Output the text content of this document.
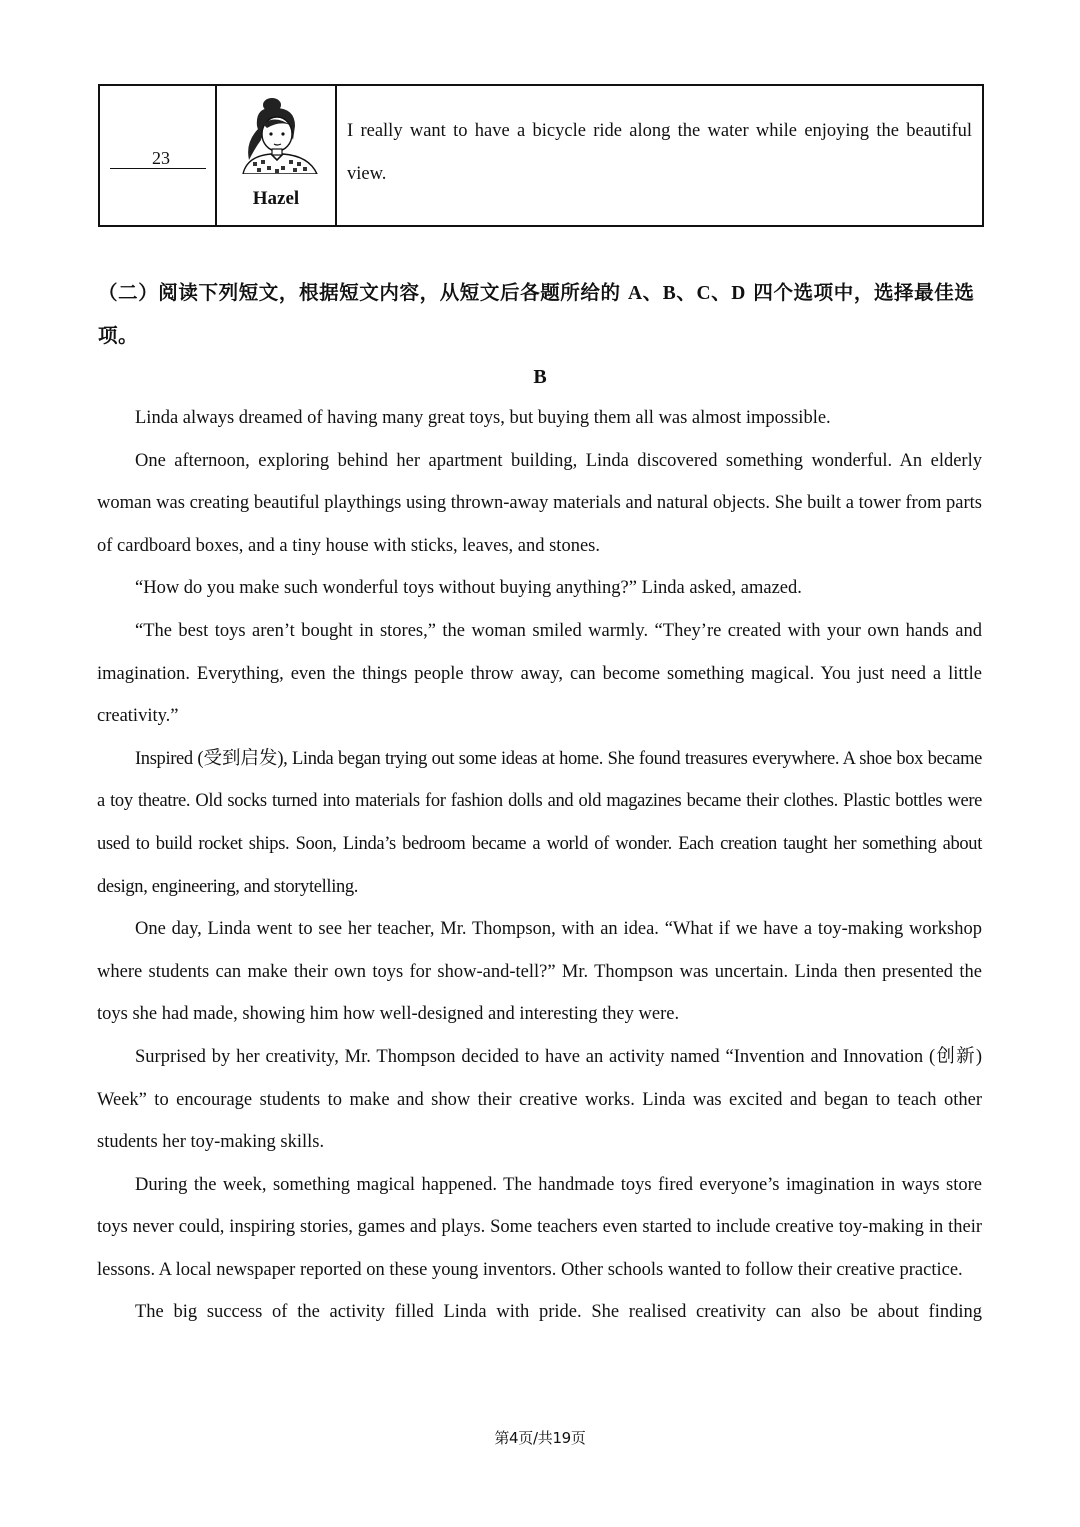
23
Hazel
I really want to have a bicycle ride along the water while enjoying the beautiful view.
（二）阅读下列短文，根据短文内容，从短文后各题所给的 A、B、C、D 四个选项中，选择最佳选项。
B

Linda always dreamed of having many great toys, but buying them all was almost impossible.

One afternoon, exploring behind her apartment building, Linda discovered something wonderful. An elderly woman was creating beautiful playthings using thrown-away materials and natural objects. She built a tower from parts of cardboard boxes, and a tiny house with sticks, leaves, and stones.

“How do you make such wonderful toys without buying anything?” Linda asked, amazed.

“The best toys aren’t bought in stores,” the woman smiled warmly. “They’re created with your own hands and imagination. Everything, even the things people throw away, can become something magical. You just need a little creativity.”

Inspired (受到启发), Linda began trying out some ideas at home. She found treasures everywhere. A shoe box became a toy theatre. Old socks turned into materials for fashion dolls and old magazines became their clothes. Plastic bottles were used to build rocket ships. Soon, Linda’s bedroom became a world of wonder. Each creation taught her something about design, engineering, and storytelling.

One day, Linda went to see her teacher, Mr. Thompson, with an idea. “What if we have a toy-making workshop where students can make their own toys for show-and-tell?” Mr. Thompson was uncertain. Linda then presented the toys she had made, showing him how well-designed and interesting they were.

Surprised by her creativity, Mr. Thompson decided to have an activity named “Invention and Innovation (创新) Week” to encourage students to make and show their creative works. Linda was excited and began to teach other students her toy-making skills.

During the week, something magical happened. The handmade toys fired everyone’s imagination in ways store toys never could, inspiring stories, games and plays. Some teachers even started to include creative toy-making in their lessons. A local newspaper reported on these young inventors. Other schools wanted to follow their creative practice.

The big success of the activity filled Linda with pride. She realised creativity can also be about finding

第4页/共19页
